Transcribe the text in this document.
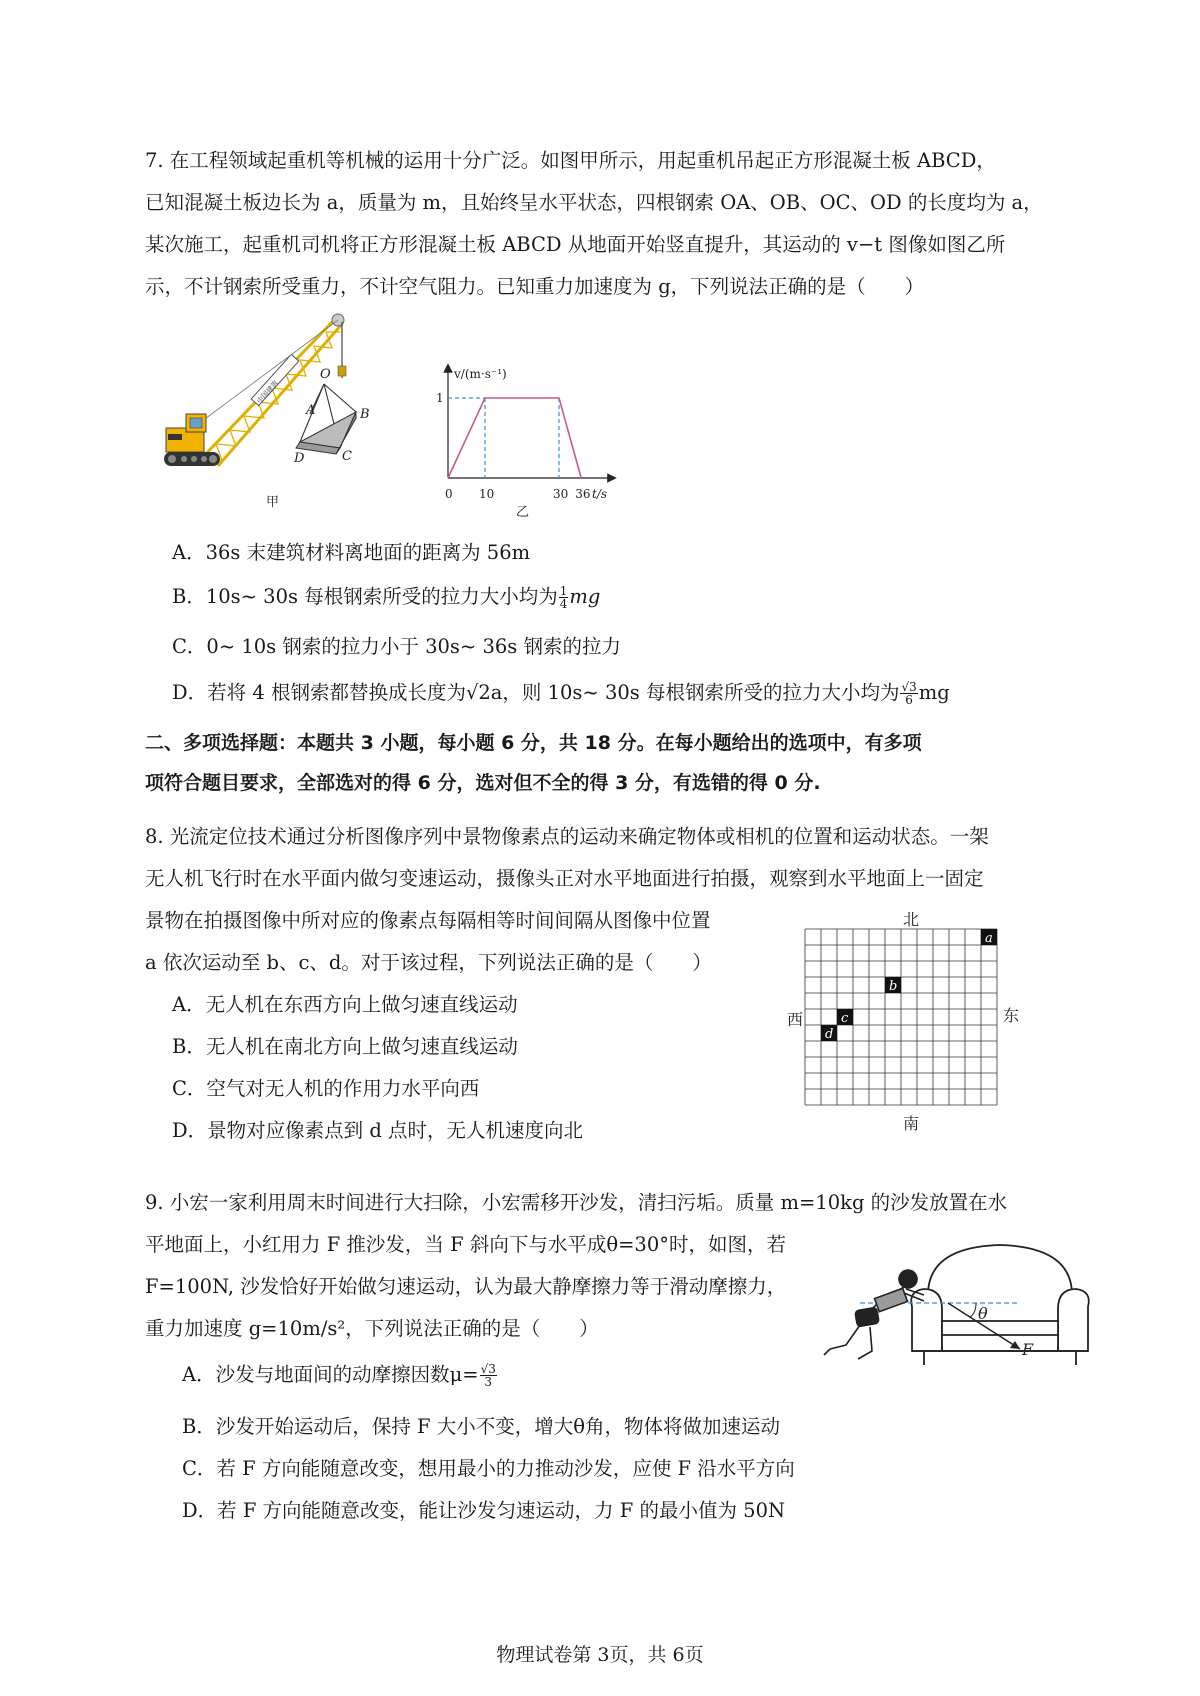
7. 在工程领域起重机等机械的运用十分广泛。如图甲所示，用起重机吊起正方形混凝土板 ABCD，
已知混凝土板边长为 a，质量为 m，且始终呈水平状态，四根钢索 OA、OB、OC、OD 的长度均为 a，
某次施工，起重机司机将正方形混凝土板 ABCD 从地面开始竖直提升，其运动的 v−t 图像如图乙所
示，不计钢索所受重力，不计空气阻力。已知重力加速度为 g，下列说法正确的是（　　）
中国建筑
O
A	B
C
D
甲
0 10	30 36
1
v/(m·s⁻¹)
t/s
乙
A．36s 末建筑材料离地面的距离为 56m
B．10s~ 30s 每根钢索所受的拉力大小均为 $\frac{1}{4}$ mg
C．0~ 10s 钢索的拉力小于 30s~ 36s 钢索的拉力
D．若将 4 根钢索都替换成长度为√2a，则 10s~ 30s 每根钢索所受的拉力大小均为 $\frac{√3}{6}$ mg
二、多项选择题：本题共 3 小题，每小题 6 分，共 18 分。在每小题给出的选项中，有多项
项符合题目要求，全部选对的得 6 分，选对但不全的得 3 分，有选错的得 0 分.
8. 光流定位技术通过分析图像序列中景物像素点的运动来确定物体或相机的位置和运动状态。一架
无人机飞行时在水平面内做匀变速运动，摄像头正对水平地面进行拍摄，观察到水平地面上一固定
景物在拍摄图像中所对应的像素点每隔相等时间间隔从图像中位置
a 依次运动至 b、c、d。对于该过程，下列说法正确的是（　　）
A．无人机在东西方向上做匀速直线运动
B．无人机在南北方向上做匀速直线运动
C．空气对无人机的作用力水平向西
D．景物对应像素点到 d 点时，无人机速度向北
北
南
西	东
a
b
c
d
9. 小宏一家利用周末时间进行大扫除，小宏需移开沙发，清扫污垢。质量 m=10kg 的沙发放置在水
平地面上，小红用力 F 推沙发，当 F 斜向下与水平成θ=30°时，如图，若
F=100N, 沙发恰好开始做匀速运动，认为最大静摩擦力等于滑动摩擦力，
重力加速度 g=10m/s²，下列说法正确的是（　　）
A．沙发与地面间的动摩擦因数$\mu= \frac{√3}{3}$
B．沙发开始运动后，保持 F 大小不变，增大θ角，物体将做加速运动
C．若 F 方向能随意改变，想用最小的力推动沙发，应使 F 沿水平方向
D．若 F 方向能随意改变，能让沙发匀速运动，力 F 的最小值为 50N
θ
F
物理试卷第 3页，共 6页
